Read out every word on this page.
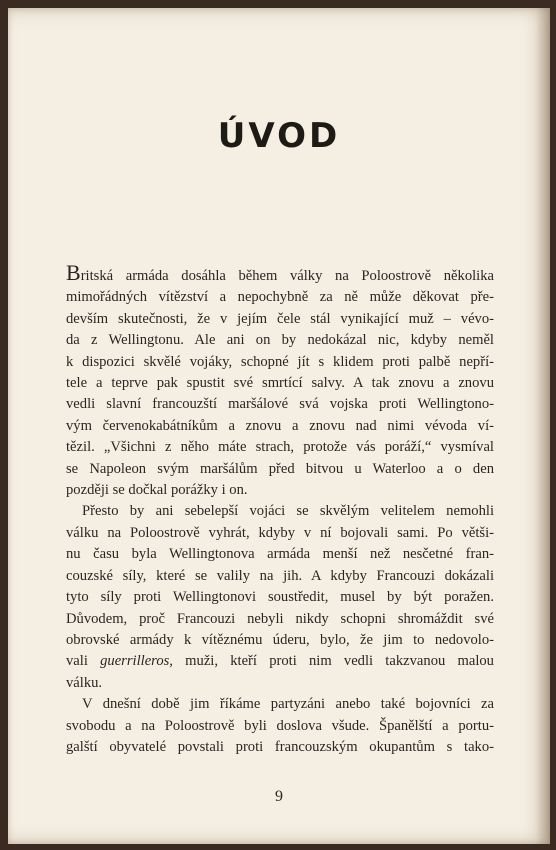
ÚVOD
Britská armáda dosáhla během války na Poloostrově několika
mimořádných vítězství a nepochybně za ně může děkovat pře-
devším skutečnosti, že v jejím čele stál vynikající muž – vévo-
da z Wellingtonu. Ale ani on by nedokázal nic, kdyby neměl
k dispozici skvělé vojáky, schopné jít s klidem proti palbě nepří-
tele a teprve pak spustit své smrtící salvy. A tak znovu a znovu
vedli slavní francouzští maršálové svá vojska proti Wellingtono-
vým červenokabátníkům a znovu a znovu nad nimi vévoda ví-
tězil. „Všichni z něho máte strach, protože vás poráží,“ vysmíval
se Napoleon svým maršálům před bitvou u Waterloo a o den
později se dočkal porážky i on.
Přesto by ani sebelepší vojáci se skvělým velitelem nemohli
válku na Poloostrově vyhrát, kdyby v ní bojovali sami. Po větši-
nu času byla Wellingtonova armáda menší než nesčetné fran-
couzské síly, které se valily na jih. A kdyby Francouzi dokázali
tyto síly proti Wellingtonovi soustředit, musel by být poražen.
Důvodem, proč Francouzi nebyli nikdy schopni shromáždit své
obrovské armády k vítěznému úderu, bylo, že jim to nedovolo-
vali guerrilleros, muži, kteří proti nim vedli takzvanou malou
válku.
V dnešní době jim říkáme partyzáni anebo také bojovníci za
svobodu a na Poloostrově byli doslova všude. Španělští a portu-
galští obyvatelé povstali proti francouzským okupantům s tako-
9
